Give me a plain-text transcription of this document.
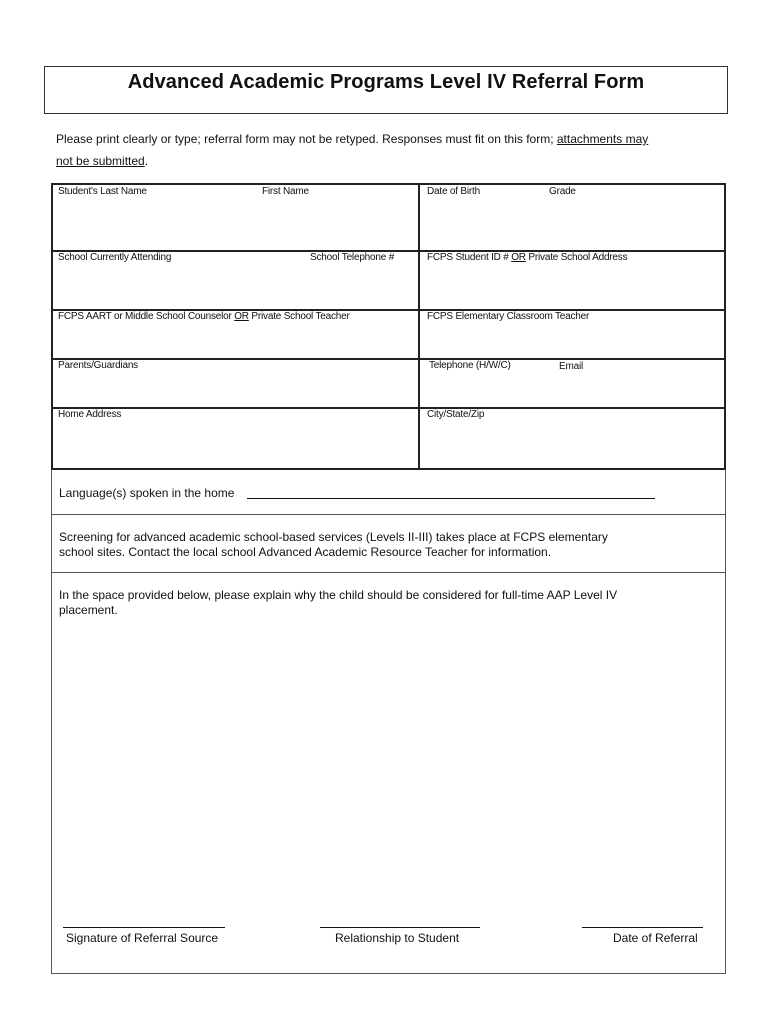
Advanced Academic Programs Level IV Referral Form
Please print clearly or type; referral form may not be retyped. Responses must fit on this form; attachments may
not be submitted.
Student's Last Name	First Name	Date of Birth	Grade
School Currently Attending	School Telephone #	FCPS Student ID # OR Private School Address
FCPS AART or Middle School Counselor OR Private School Teacher	FCPS Elementary Classroom Teacher
Parents/Guardians	Telephone (H/W/C)	Email
Home Address	City/State/Zip
Language(s) spoken in the home
Screening for advanced academic school-based services (Levels II-III) takes place at FCPS elementary
school sites. Contact the local school Advanced Academic Resource Teacher for information.
In the space provided below, please explain why the child should be considered for full-time AAP Level IV
placement.
Signature of Referral Source	Relationship to Student	Date of Referral
